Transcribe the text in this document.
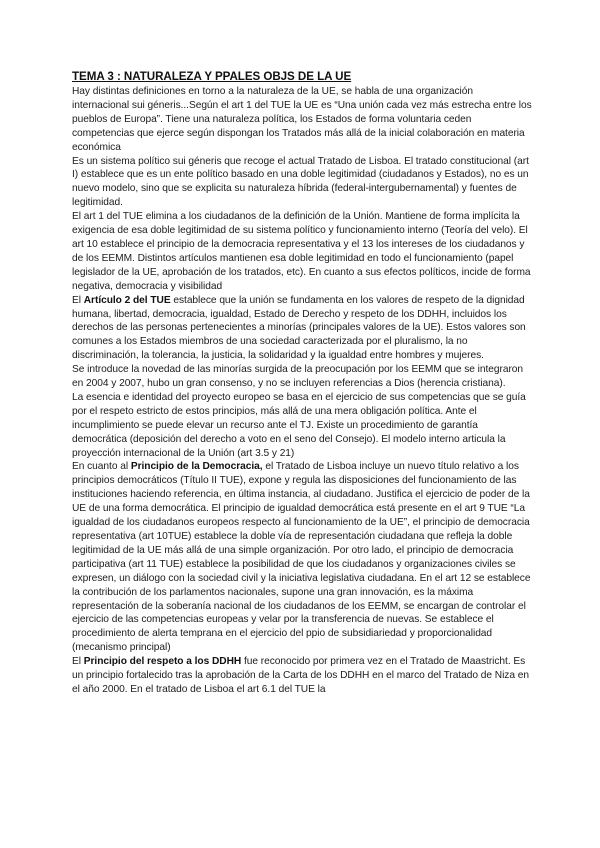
TEMA 3 : NATURALEZA Y PPALES OBJS DE LA UE

Hay distintas definiciones en torno a la naturaleza de la UE, se habla de una organización internacional sui géneris...Según el art 1 del TUE la UE es “Una unión cada vez más estrecha entre los pueblos de Europa”. Tiene una naturaleza política, los Estados de forma voluntaria ceden competencias que ejerce según dispongan los Tratados más allá de la inicial colaboración en materia económica

Es un sistema político sui géneris que recoge el actual Tratado de Lisboa. El tratado constitucional (art I) establece que es un ente político basado en una doble legitimidad (ciudadanos y Estados), no es un nuevo modelo, sino que se explicita su naturaleza híbrida (federal-intergubernamental) y fuentes de legitimidad.

El art 1 del TUE elimina a los ciudadanos de la definición de la Unión. Mantiene de forma implícita la exigencia de esa doble legitimidad de su sistema político y funcionamiento interno (Teoría del velo). El art 10 establece el principio de la democracia representativa y el 13 los intereses de los ciudadanos y de los EEMM. Distintos artículos mantienen esa doble legitimidad en todo el funcionamiento (papel legislador de la UE, aprobación de los tratados, etc). En cuanto a sus efectos políticos, incide de forma negativa, democracia y visibilidad

El Artículo 2 del TUE establece que la unión se fundamenta en los valores de respeto de la dignidad humana, libertad, democracia, igualdad, Estado de Derecho y respeto de los DDHH, incluidos los derechos de las personas pertenecientes a minorías (principales valores de la UE). Estos valores son comunes a los Estados miembros de una sociedad caracterizada por el pluralismo, la no discriminación, la tolerancia, la justicia, la solidaridad y la igualdad entre hombres y mujeres.

Se introduce la novedad de las minorías surgida de la preocupación por los EEMM que se integraron en 2004 y 2007, hubo un gran consenso, y no se incluyen referencias a Dios (herencia cristiana).

La esencia e identidad del proyecto europeo se basa en el ejercicio de sus competencias que se guía por el respeto estricto de estos principios, más allá de una mera obligación política. Ante el incumplimiento se puede elevar un recurso ante el TJ. Existe un procedimiento de garantía democrática (deposición del derecho a voto en el seno del Consejo). El modelo interno articula la proyección internacional de la Unión (art 3.5 y 21)

En cuanto al Principio de la Democracia, el Tratado de Lisboa incluye un nuevo título relativo a los principios democráticos (Título II TUE), expone y regula las disposiciones del funcionamiento de las instituciones haciendo referencia, en última instancia, al ciudadano. Justifica el ejercicio de poder de la UE de una forma democrática. El principio de igualdad democrática está presente en el art 9 TUE “La igualdad de los ciudadanos europeos respecto al funcionamiento de la UE”, el principio de democracia representativa (art 10TUE) establece la doble vía de representación ciudadana que refleja la doble legitimidad de la UE más allá de una simple organización. Por otro lado, el principio de democracia participativa (art 11 TUE) establece la posibilidad de que los ciudadanos y organizaciones civiles se expresen, un diálogo con la sociedad civil y la iniciativa legislativa ciudadana. En el art 12 se establece la contribución de los parlamentos nacionales, supone una gran innovación, es la máxima representación de la soberanía nacional de los ciudadanos de los EEMM, se encargan de controlar el ejercicio de las competencias europeas y velar por la transferencia de nuevas. Se establece el procedimiento de alerta temprana en el ejercicio del ppio de subsidiariedad y proporcionalidad (mecanismo principal)

El Principio del respeto a los DDHH fue reconocido por primera vez en el Tratado de Maastricht. Es un principio fortalecido tras la aprobación de la Carta de los DDHH en el marco del Tratado de Niza en el año 2000. En el tratado de Lisboa el art 6.1 del TUE la
